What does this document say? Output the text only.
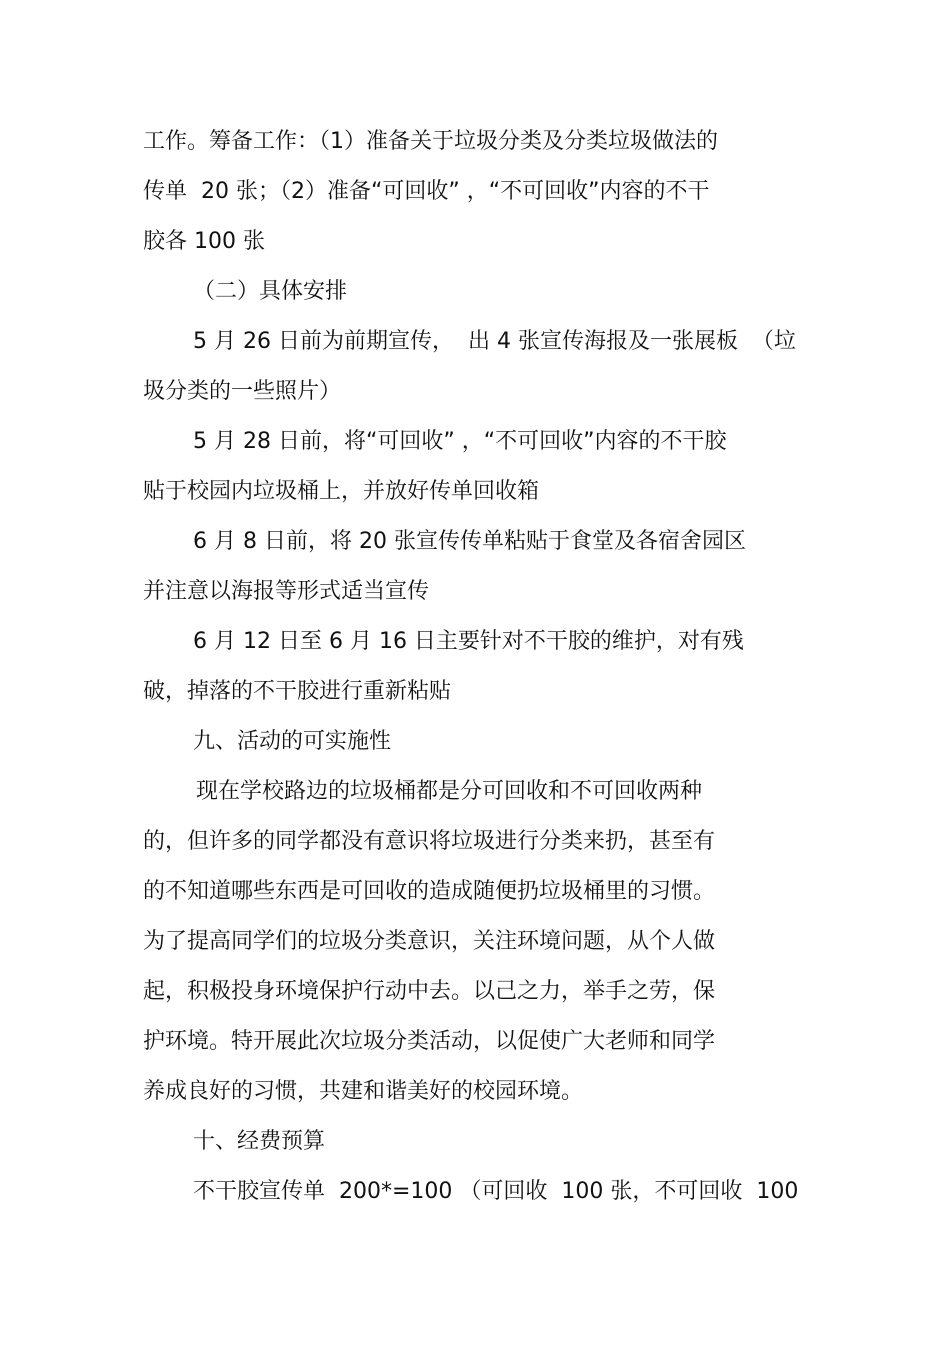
工作。筹备工作：（1）准备关于垃圾分类及分类垃圾做法的
传单  20 张；（2）准备“可回收” ，“不可回收”内容的不干
胶各 100 张
（二）具体安排
5 月 26 日前为前期宣传，  出 4 张宣传海报及一张展板  （垃
圾分类的一些照片）
5 月 28 日前，将“可回收” ，“不可回收”内容的不干胶
贴于校园内垃圾桶上，并放好传单回收箱
6 月 8 日前，将 20 张宣传传单粘贴于食堂及各宿舍园区
并注意以海报等形式适当宣传
6 月 12 日至 6 月 16 日主要针对不干胶的维护，对有残
破，掉落的不干胶进行重新粘贴
九、活动的可实施性
现在学校路边的垃圾桶都是分可回收和不可回收两种
的，但许多的同学都没有意识将垃圾进行分类来扔，甚至有
的不知道哪些东西是可回收的造成随便扔垃圾桶里的习惯。
为了提高同学们的垃圾分类意识，关注环境问题，从个人做
起，积极投身环境保护行动中去。以己之力，举手之劳，保
护环境。特开展此次垃圾分类活动，以促使广大老师和同学
养成良好的习惯，共建和谐美好的校园环境。
十、经费预算
不干胶宣传单  200*=100 （可回收  100 张，不可回收  100
